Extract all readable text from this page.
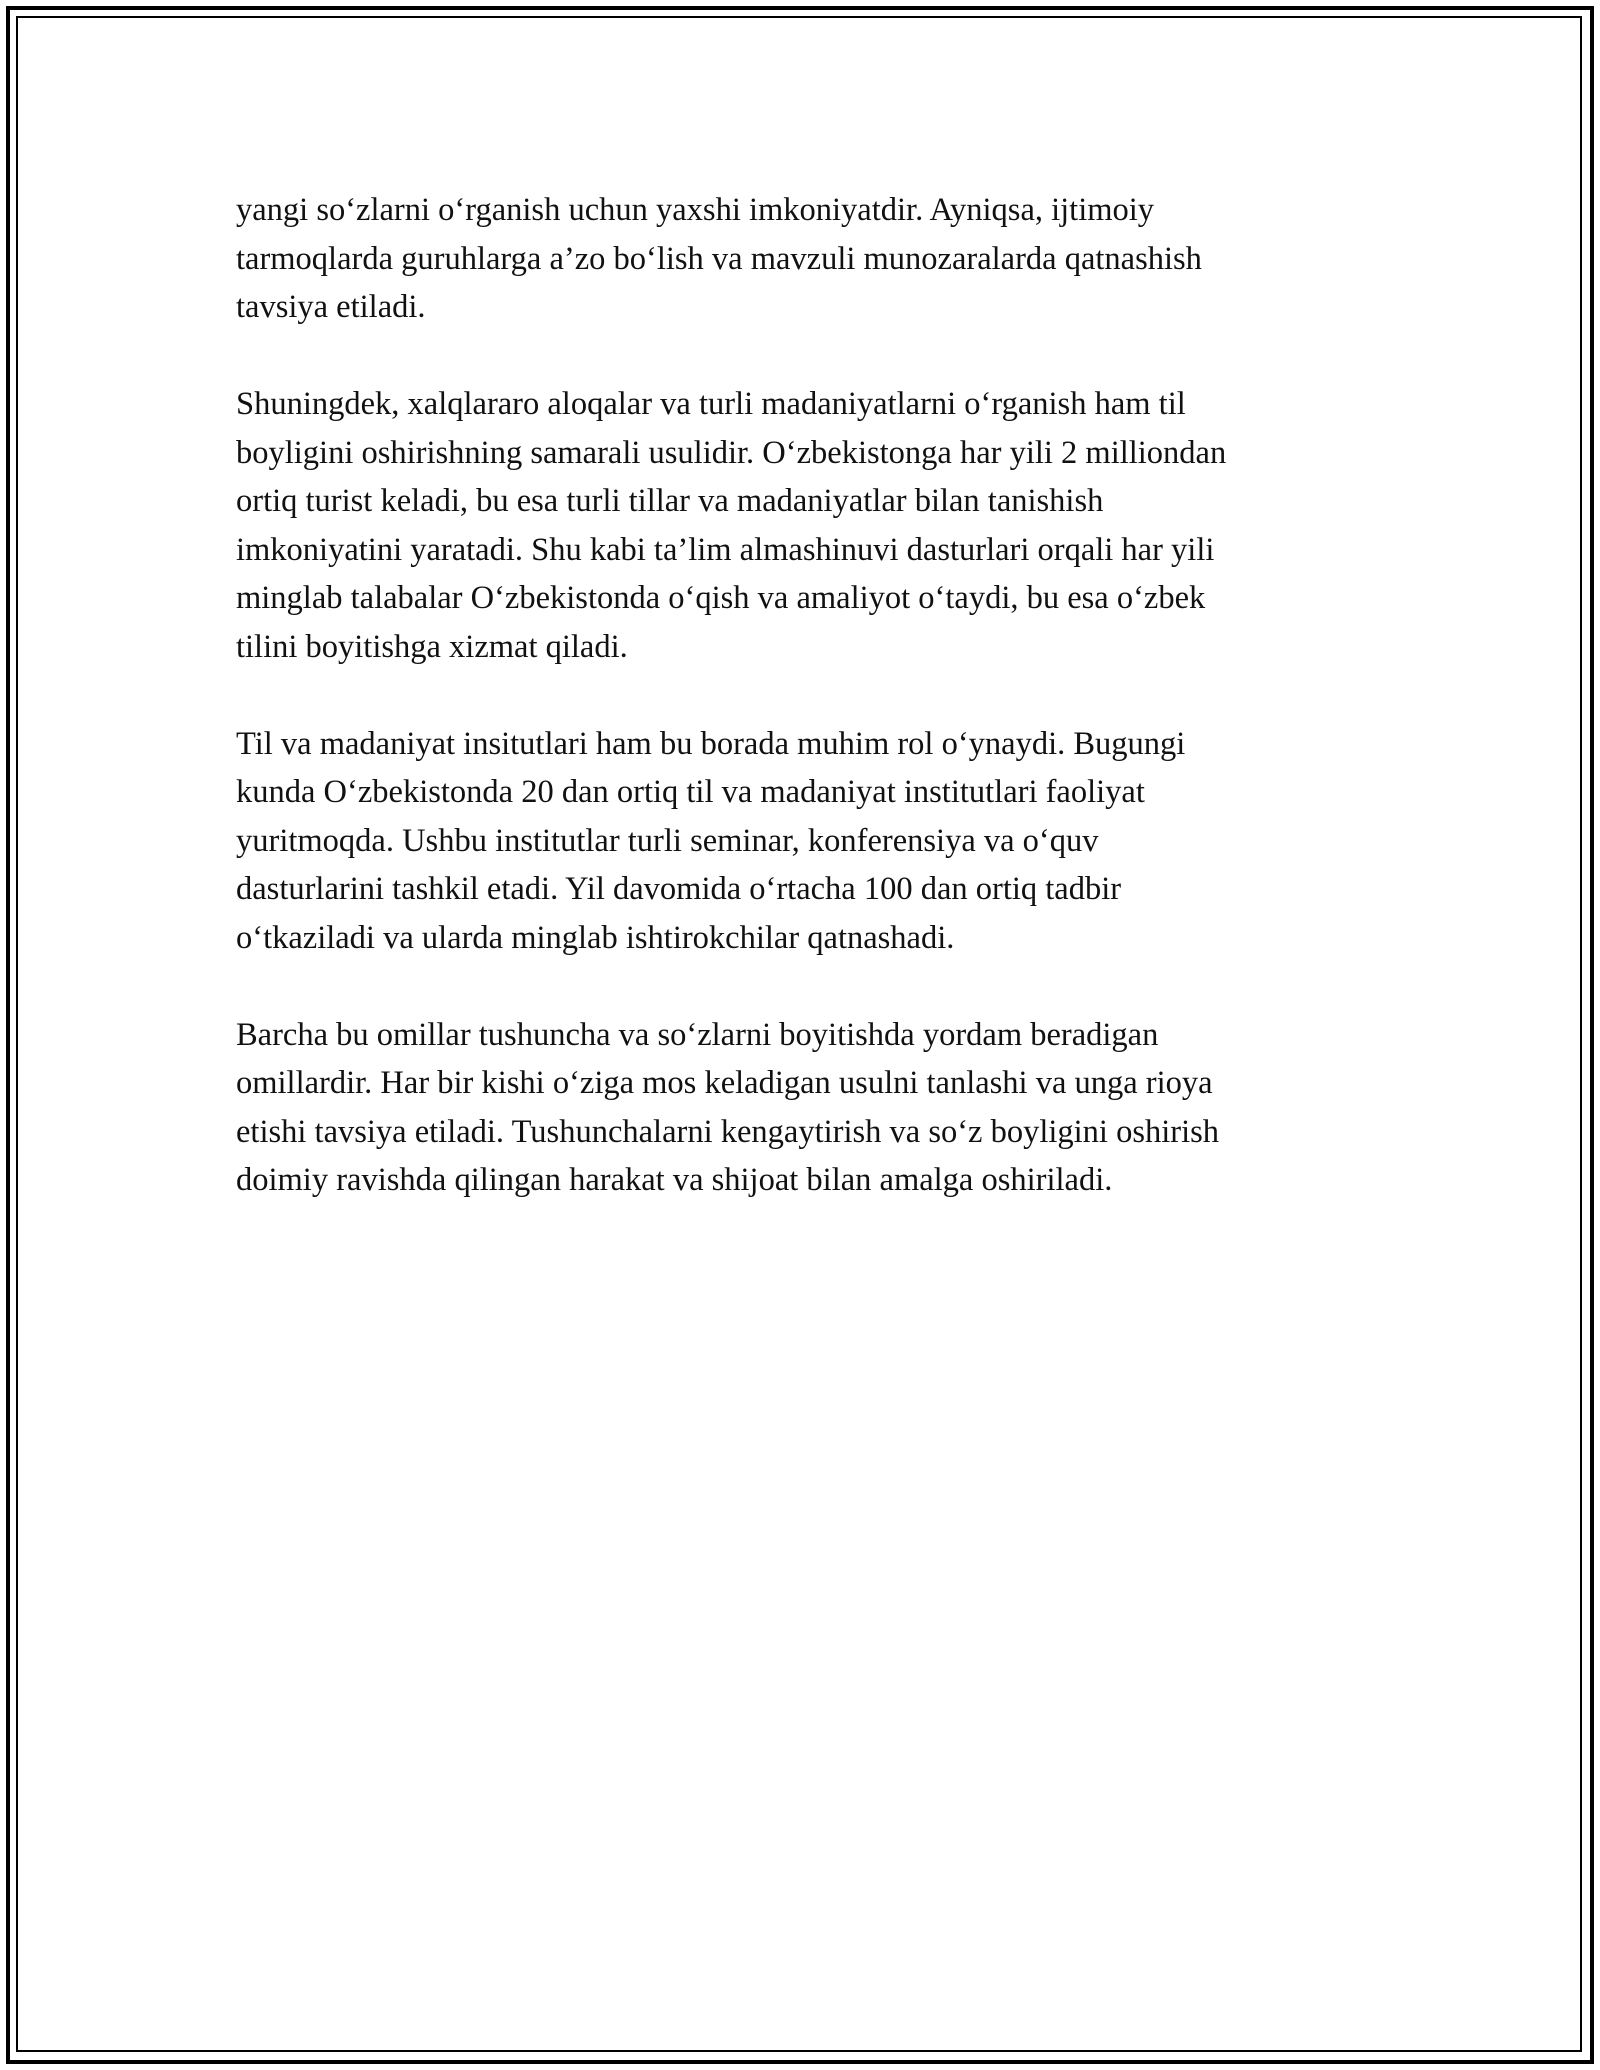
yangi so‘zlarni o‘rganish uchun yaxshi imkoniyatdir. Ayniqsa, ijtimoiy
tarmoqlarda guruhlarga a’zo bo‘lish va mavzuli munozaralarda qatnashish
tavsiya etiladi.

Shuningdek, xalqlararo aloqalar va turli madaniyatlarni o‘rganish ham til
boyligini oshirishning samarali usulidir. O‘zbekistonga har yili 2 milliondan
ortiq turist keladi, bu esa turli tillar va madaniyatlar bilan tanishish
imkoniyatini yaratadi. Shu kabi ta’lim almashinuvi dasturlari orqali har yili
minglab talabalar O‘zbekistonda o‘qish va amaliyot o‘taydi, bu esa o‘zbek
tilini boyitishga xizmat qiladi.

Til va madaniyat insitutlari ham bu borada muhim rol o‘ynaydi. Bugungi
kunda O‘zbekistonda 20 dan ortiq til va madaniyat institutlari faoliyat
yuritmoqda. Ushbu institutlar turli seminar, konferensiya va o‘quv
dasturlarini tashkil etadi. Yil davomida o‘rtacha 100 dan ortiq tadbir
o‘tkaziladi va ularda minglab ishtirokchilar qatnashadi.

Barcha bu omillar tushuncha va so‘zlarni boyitishda yordam beradigan
omillardir. Har bir kishi o‘ziga mos keladigan usulni tanlashi va unga rioya
etishi tavsiya etiladi. Tushunchalarni kengaytirish va so‘z boyligini oshirish
doimiy ravishda qilingan harakat va shijoat bilan amalga oshiriladi.
